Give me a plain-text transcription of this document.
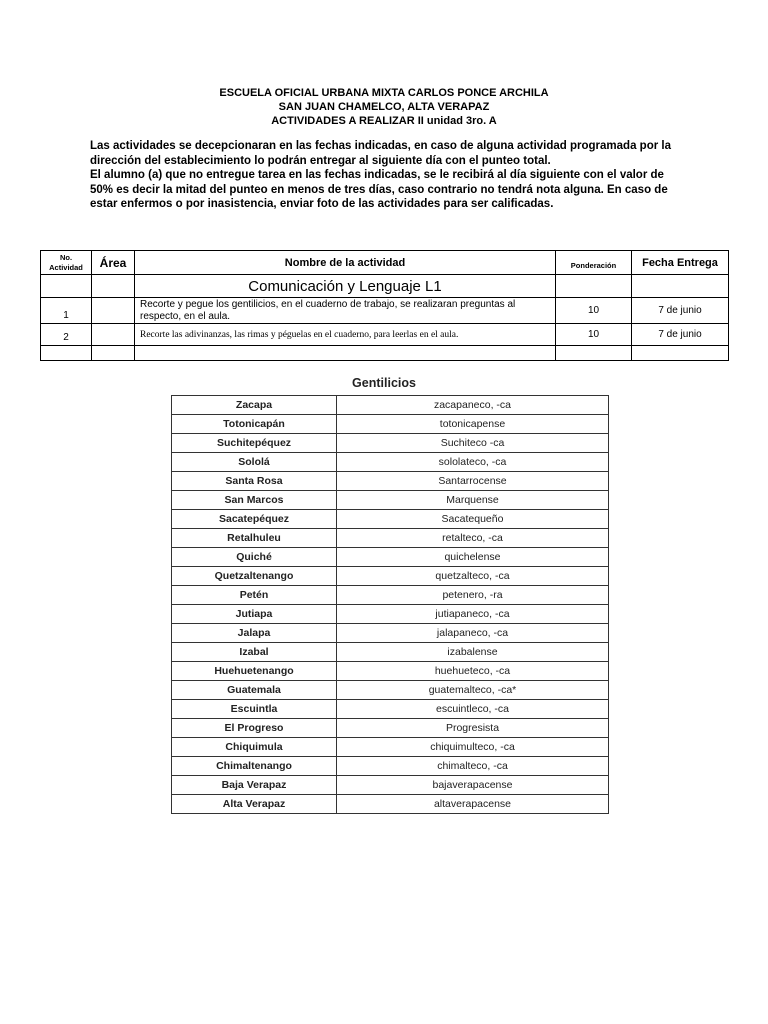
ESCUELA OFICIAL URBANA MIXTA CARLOS PONCE ARCHILA
SAN JUAN CHAMELCO, ALTA VERAPAZ
ACTIVIDADES A REALIZAR II unidad 3ro. A

Las actividades se decepcionaran en las fechas indicadas, en caso de alguna actividad programada por la dirección del establecimiento lo podrán entregar al siguiente día con el punteo total.

El alumno (a) que no entregue tarea en las fechas indicadas, se le recibirá al día siguiente con el valor de 50% es decir la mitad del punteo en menos de tres días, caso contrario no tendrá nota alguna. En caso de estar enfermos o por inasistencia, enviar foto de las actividades para ser calificadas.

No.
Actividad	Área	Nombre de la actividad	Ponderación	Fecha Entrega
		Comunicación y Lenguaje L1		
1		Recorte y pegue los gentilicios, en el cuaderno de trabajo, se realizaran preguntas al respecto, en el aula.	10	7 de junio
2		Recorte las adivinanzas, las rimas y péguelas en el cuaderno, para leerlas en el aula.	10	7 de junio

Gentilicios
Zacapa	zacapaneco, -ca
Totonicapán	totonicapense
Suchitepéquez	Suchiteco -ca
Sololá	sololateco, -ca
Santa Rosa	Santarrocense
San Marcos	Marquense
Sacatepéquez	Sacatequeño
Retalhuleu	retalteco, -ca
Quiché	quichelense
Quetzaltenango	quetzalteco, -ca
Petén	petenero, -ra
Jutiapa	jutiapaneco, -ca
Jalapa	jalapaneco, -ca
Izabal	izabalense
Huehuetenango	huehueteco, -ca
Guatemala	guatemalteco, -ca*
Escuintla	escuintleco, -ca
El Progreso	Progresista
Chiquimula	chiquimulteco, -ca
Chimaltenango	chimalteco, -ca
Baja Verapaz	bajaverapacense
Alta Verapaz	altaverapacense
